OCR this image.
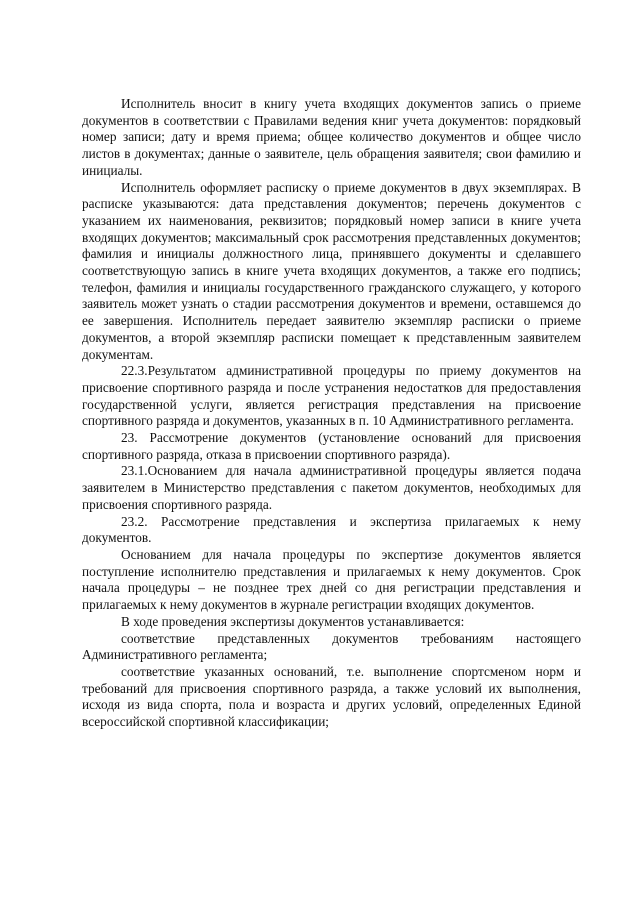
Исполнитель вносит в книгу учета входящих документов запись о приеме документов в соответствии с Правилами ведения книг учета документов: порядковый номер записи; дату и время приема; общее количество документов и общее число листов в документах; данные о заявителе, цель обращения заявителя; свои фамилию и инициалы.

Исполнитель оформляет расписку о приеме документов в двух экземплярах. В расписке указываются: дата представления документов; перечень документов с указанием их наименования, реквизитов; порядковый номер записи в книге учета входящих документов; максимальный срок рассмотрения представленных документов; фамилия и инициалы должностного лица, принявшего документы и сделавшего соответствующую запись в книге учета входящих документов, а также его подпись; телефон, фамилия и инициалы государственного гражданского служащего, у которого заявитель может узнать о стадии рассмотрения документов и времени, оставшемся до ее завершения. Исполнитель передает заявителю экземпляр расписки о приеме документов, а второй экземпляр расписки помещает к представленным заявителем документам.

22.3.Результатом административной процедуры по приему документов на присвоение спортивного разряда и после устранения недостатков для предоставления государственной услуги, является регистрация представления на присвоение спортивного разряда и документов, указанных в п. 10 Административного регламента.

23. Рассмотрение документов (установление оснований для присвоения спортивного разряда, отказа в присвоении спортивного разряда).

23.1.Основанием для начала административной процедуры является подача заявителем в Министерство представления с пакетом документов, необходимых для присвоения спортивного разряда.

23.2. Рассмотрение представления и экспертиза прилагаемых к нему документов.

Основанием для начала процедуры по экспертизе документов является поступление исполнителю представления и прилагаемых к нему документов. Срок начала процедуры – не позднее трех дней со дня регистрации представления и прилагаемых к нему документов в журнале регистрации входящих документов.

В ходе проведения экспертизы документов устанавливается:

соответствие представленных документов требованиям настоящего Административного регламента;

соответствие указанных оснований, т.е. выполнение спортсменом норм и требований для присвоения спортивного разряда, а также условий их выполнения, исходя из вида спорта, пола и возраста и других условий, определенных Единой всероссийской спортивной классификации;
